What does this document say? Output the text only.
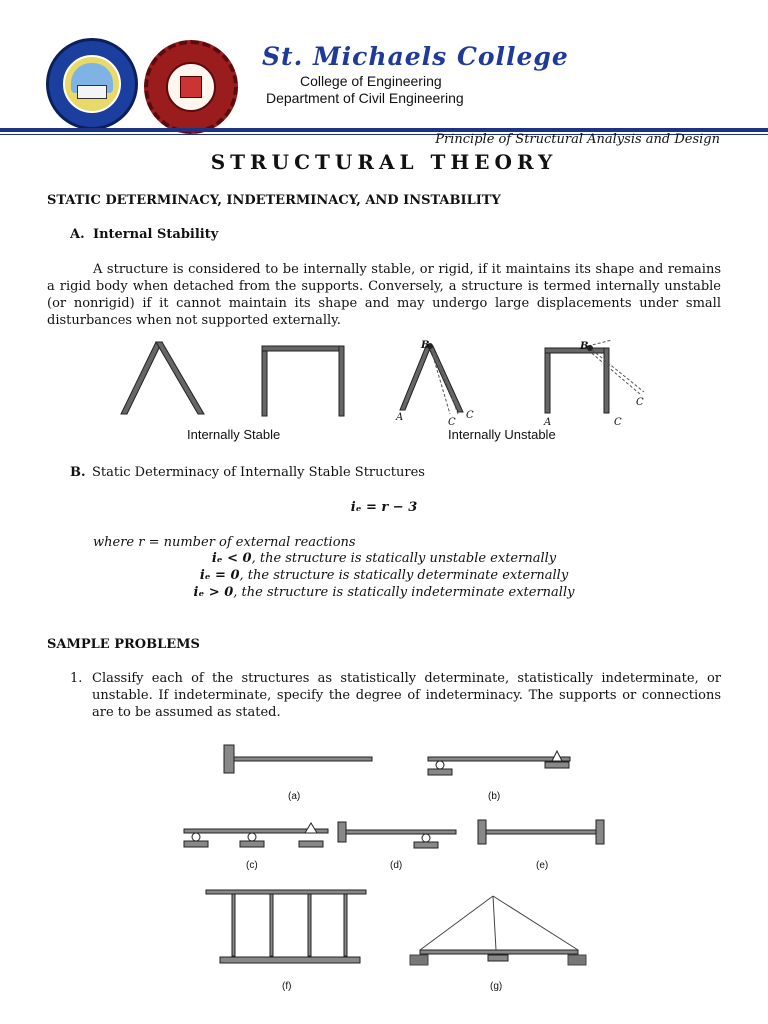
St. Michaels College
College of Engineering
Department of Civil Engineering
Principle of Structural Analysis and Design
STRUCTURAL THEORY
STATIC DETERMINACY, INDETERMINACY, AND INSTABILITY
A. Internal Stability
A structure is considered to be internally stable, or rigid, if it maintains its shape and remains a rigid body when detached from the supports. Conversely, a structure is termed internally unstable (or nonrigid) if it cannot maintain its shape and may undergo large displacements under small disturbances when not supported externally.
B
A	C
C
B
A	C
C
Internally Stable	Internally Unstable
B. Static Determinacy of Internally Stable Structures
iₑ = r − 3
where r = number of external reactions
iₑ < 0, the structure is statically unstable externally
iₑ = 0, the structure is statically determinate externally
iₑ > 0, the structure is statically indeterminate externally
SAMPLE PROBLEMS
1. Classify each of the structures as statistically determinate, statistically indeterminate, or unstable. If indeterminate, specify the degree of indeterminacy. The supports or connections are to be assumed as stated.
(a)	(b)
(c)	(d)	(e)
(f)	(g)
